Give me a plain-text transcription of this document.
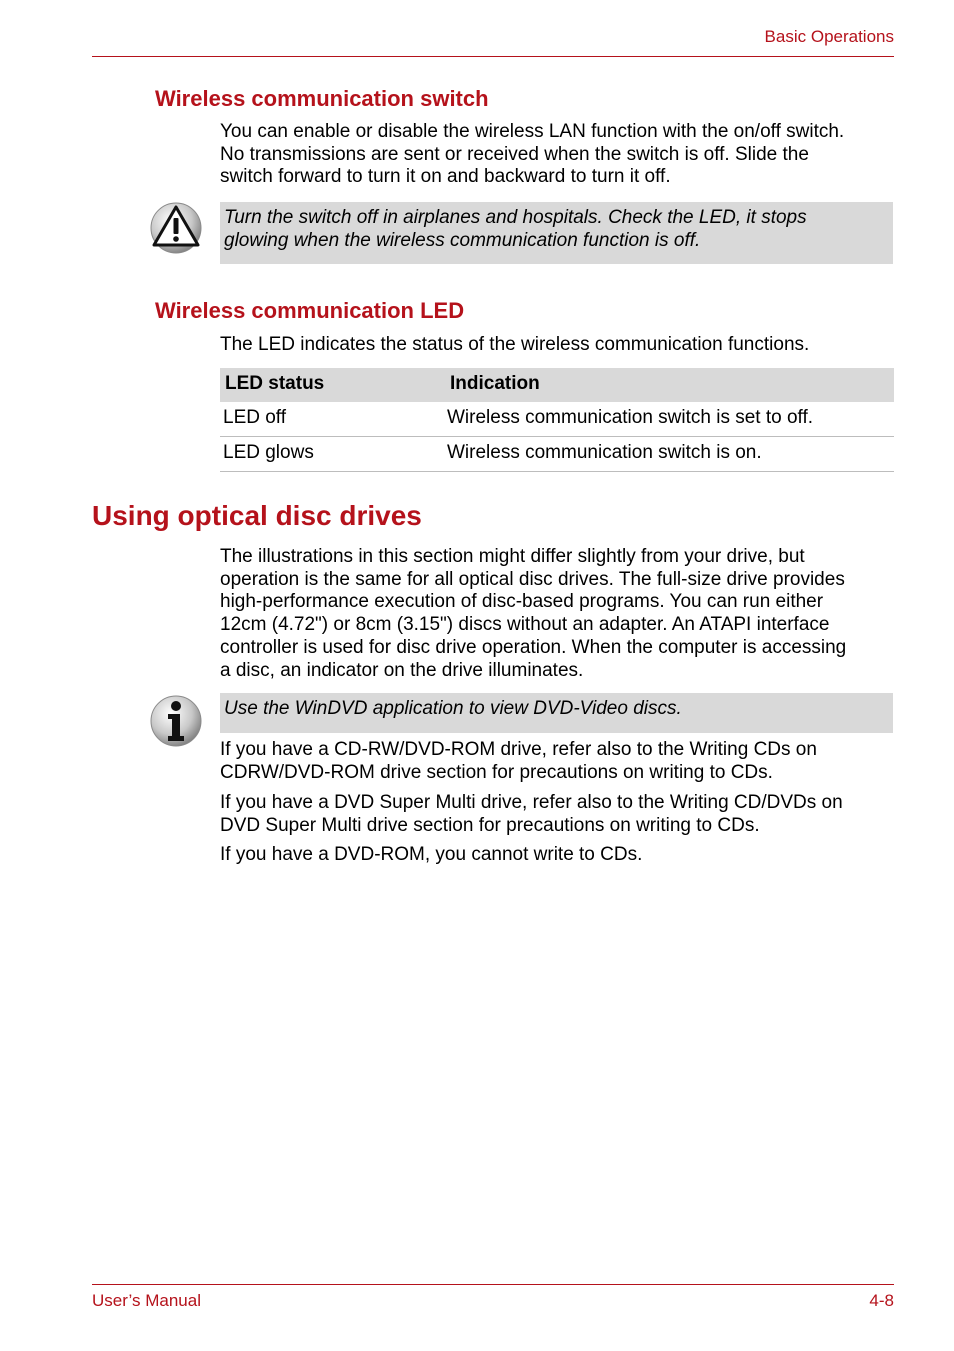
Basic Operations
Wireless communication switch
You can enable or disable the wireless LAN function with the on/off switch.
No transmissions are sent or received when the switch is off. Slide the
switch forward to turn it on and backward to turn it off.
Turn the switch off in airplanes and hospitals. Check the LED, it stops
glowing when the wireless communication function is off.
Wireless communication LED
The LED indicates the status of the wireless communication functions.
LED status	Indication
LED off	Wireless communication switch is set to off.
LED glows	Wireless communication switch is on.
Using optical disc drives
The illustrations in this section might differ slightly from your drive, but
operation is the same for all optical disc drives. The full-size drive provides
high-performance execution of disc-based programs. You can run either
12cm (4.72") or 8cm (3.15") discs without an adapter. An ATAPI interface
controller is used for disc drive operation. When the computer is accessing
a disc, an indicator on the drive illuminates.
Use the WinDVD application to view DVD-Video discs.
If you have a CD-RW/DVD-ROM drive, refer also to the Writing CDs on
CDRW/DVD-ROM drive section for precautions on writing to CDs.
If you have a DVD Super Multi drive, refer also to the Writing CD/DVDs on
DVD Super Multi drive section for precautions on writing to CDs.
If you have a DVD-ROM, you cannot write to CDs.
User’s Manual	4-8
